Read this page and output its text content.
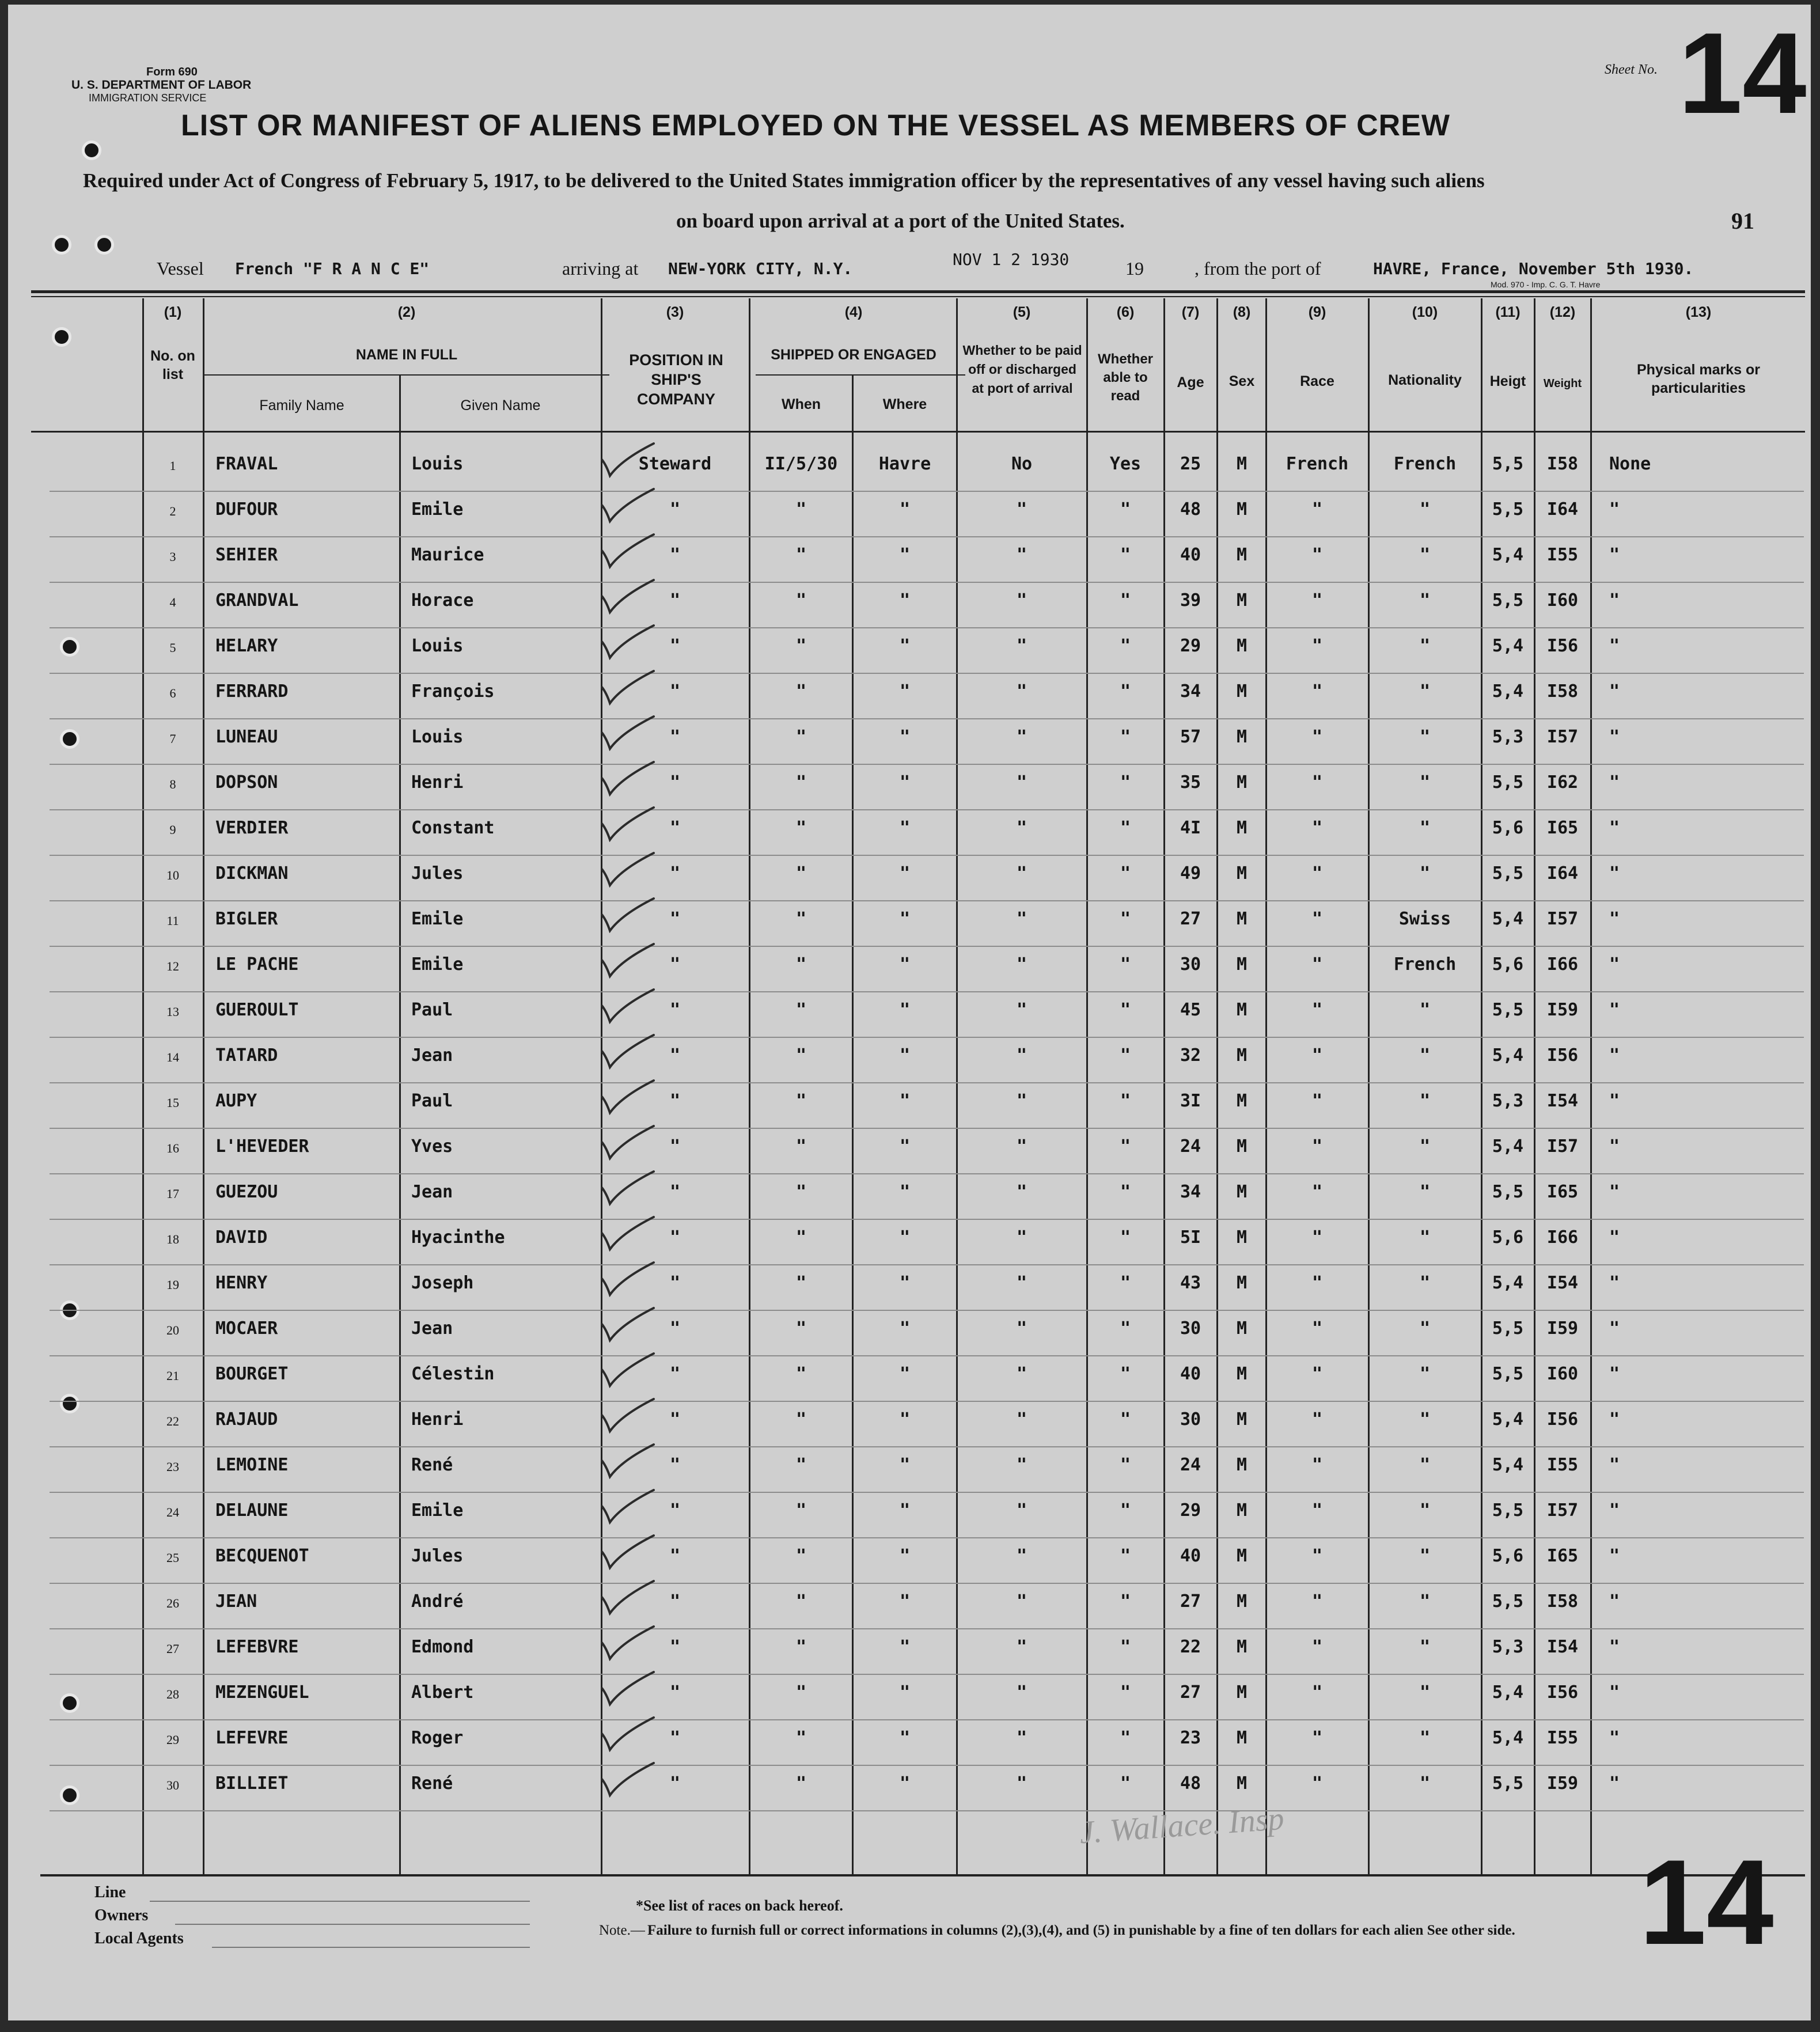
Form 690
U. S. DEPARTMENT OF LABOR
IMMIGRATION SERVICE
Sheet No. 14
LIST OR MANIFEST OF ALIENS EMPLOYED ON THE VESSEL AS MEMBERS OF CREW
Required under Act of Congress of February 5, 1917, to be delivered to the United States immigration officer by the representatives of any vessel having such aliens
on board upon arrival at a port of the United States.	91
Vessel French "F R A N C E"	arriving at NEW-YORK CITY, N.Y.	NOV 1 2 1930	19	, from the port of	HAVRE, France, November 5th 1930.
Mod. 970 - Imp. C. G. T. Havre
(1)
No. on list
(2)
NAME IN FULL
Family Name	Given Name
(3)
POSITION IN SHIP'S COMPANY
(4)
SHIPPED OR ENGAGED
When	Where
(5)
Whether to be paid off or discharged at port of arrival
(6)
Whether able to read
(7)
Age
(8)
Sex
(9)
Race
(10)
Nationality
(11)
Heigt
(12)
Weight
(13)
Physical marks or particularities
1	FRAVAL	Louis	Steward	II/5/30	Havre	No	Yes	25	M	French	French	5,5	I58	None
2	DUFOUR	Emile	"	"	"	"	"	48	M	"	"	5,5	I64	"
3	SEHIER	Maurice	"	"	"	"	"	40	M	"	"	5,4	I55	"
4	GRANDVAL	Horace	"	"	"	"	"	39	M	"	"	5,5	I60	"
5	HELARY	Louis	"	"	"	"	"	29	M	"	"	5,4	I56	"
6	FERRARD	François	"	"	"	"	"	34	M	"	"	5,4	I58	"
7	LUNEAU	Louis	"	"	"	"	"	57	M	"	"	5,3	I57	"
8	DOPSON	Henri	"	"	"	"	"	35	M	"	"	5,5	I62	"
9	VERDIER	Constant	"	"	"	"	"	4I	M	"	"	5,6	I65	"
10	DICKMAN	Jules	"	"	"	"	"	49	M	"	"	5,5	I64	"
11	BIGLER	Emile	"	"	"	"	"	27	M	"	Swiss	5,4	I57	"
12	LE PACHE	Emile	"	"	"	"	"	30	M	"	French	5,6	I66	"
13	GUEROULT	Paul	"	"	"	"	"	45	M	"	"	5,5	I59	"
14	TATARD	Jean	"	"	"	"	"	32	M	"	"	5,4	I56	"
15	AUPY	Paul	"	"	"	"	"	3I	M	"	"	5,3	I54	"
16	L'HEVEDER	Yves	"	"	"	"	"	24	M	"	"	5,4	I57	"
17	GUEZOU	Jean	"	"	"	"	"	34	M	"	"	5,5	I65	"
18	DAVID	Hyacinthe	"	"	"	"	"	5I	M	"	"	5,6	I66	"
19	HENRY	Joseph	"	"	"	"	"	43	M	"	"	5,4	I54	"
20	MOCAER	Jean	"	"	"	"	"	30	M	"	"	5,5	I59	"
21	BOURGET	Célestin	"	"	"	"	"	40	M	"	"	5,5	I60	"
22	RAJAUD	Henri	"	"	"	"	"	30	M	"	"	5,4	I56	"
23	LEMOINE	René	"	"	"	"	"	24	M	"	"	5,4	I55	"
24	DELAUNE	Emile	"	"	"	"	"	29	M	"	"	5,5	I57	"
25	BECQUENOT	Jules	"	"	"	"	"	40	M	"	"	5,6	I65	"
26	JEAN	André	"	"	"	"	"	27	M	"	"	5,5	I58	"
27	LEFEBVRE	Edmond	"	"	"	"	"	22	M	"	"	5,3	I54	"
28	MEZENGUEL	Albert	"	"	"	"	"	27	M	"	"	5,4	I56	"
29	LEFEVRE	Roger	"	"	"	"	"	23	M	"	"	5,4	I55	"
30	BILLIET	René	"	"	"	"	"	48	M	"	"	5,5	I59	"
J. Wallace. Insp
Line
Owners
Local Agents
*See list of races on back hereof.
Note.— Failure to furnish full or correct informations in columns (2),(3),(4), and (5) in punishable by a fine of ten dollars for each alien See other side. 14
